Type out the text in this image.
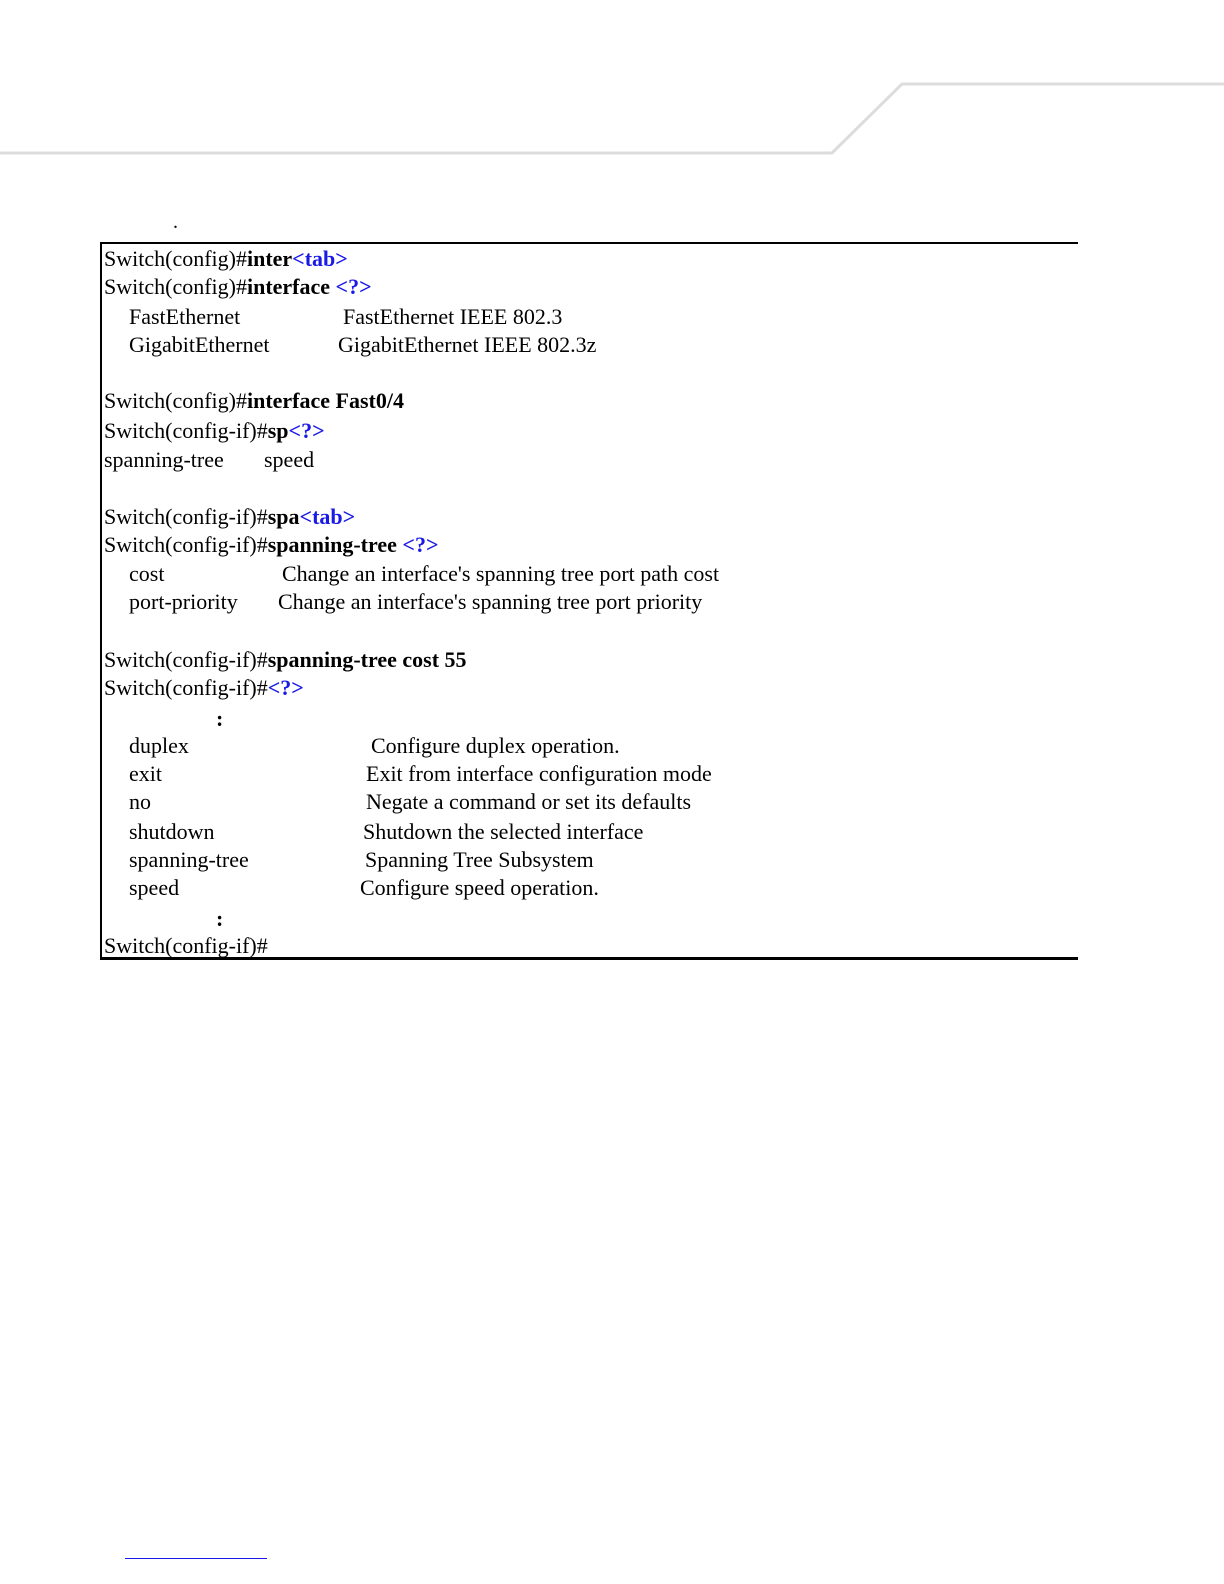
.
Switch(config)#inter<tab>
Switch(config)#interface <?>
FastEthernet	FastEthernet IEEE 802.3
GigabitEthernet	GigabitEthernet IEEE 802.3z
Switch(config)#interface Fast0/4
Switch(config-if)#sp<?>
spanning-tree speed
Switch(config-if)#spa<tab>
Switch(config-if)#spanning-tree <?>
cost	Change an interface's spanning tree port path cost
port-priority Change an interface's spanning tree port priority
Switch(config-if)#spanning-tree cost 55
Switch(config-if)#<?>
:
duplex	Configure duplex operation.
exit	Exit from interface configuration mode
no	Negate a command or set its defaults
shutdown	Shutdown the selected interface
spanning-tree	Spanning Tree Subsystem
speed	Configure speed operation.
:
Switch(config-if)#
